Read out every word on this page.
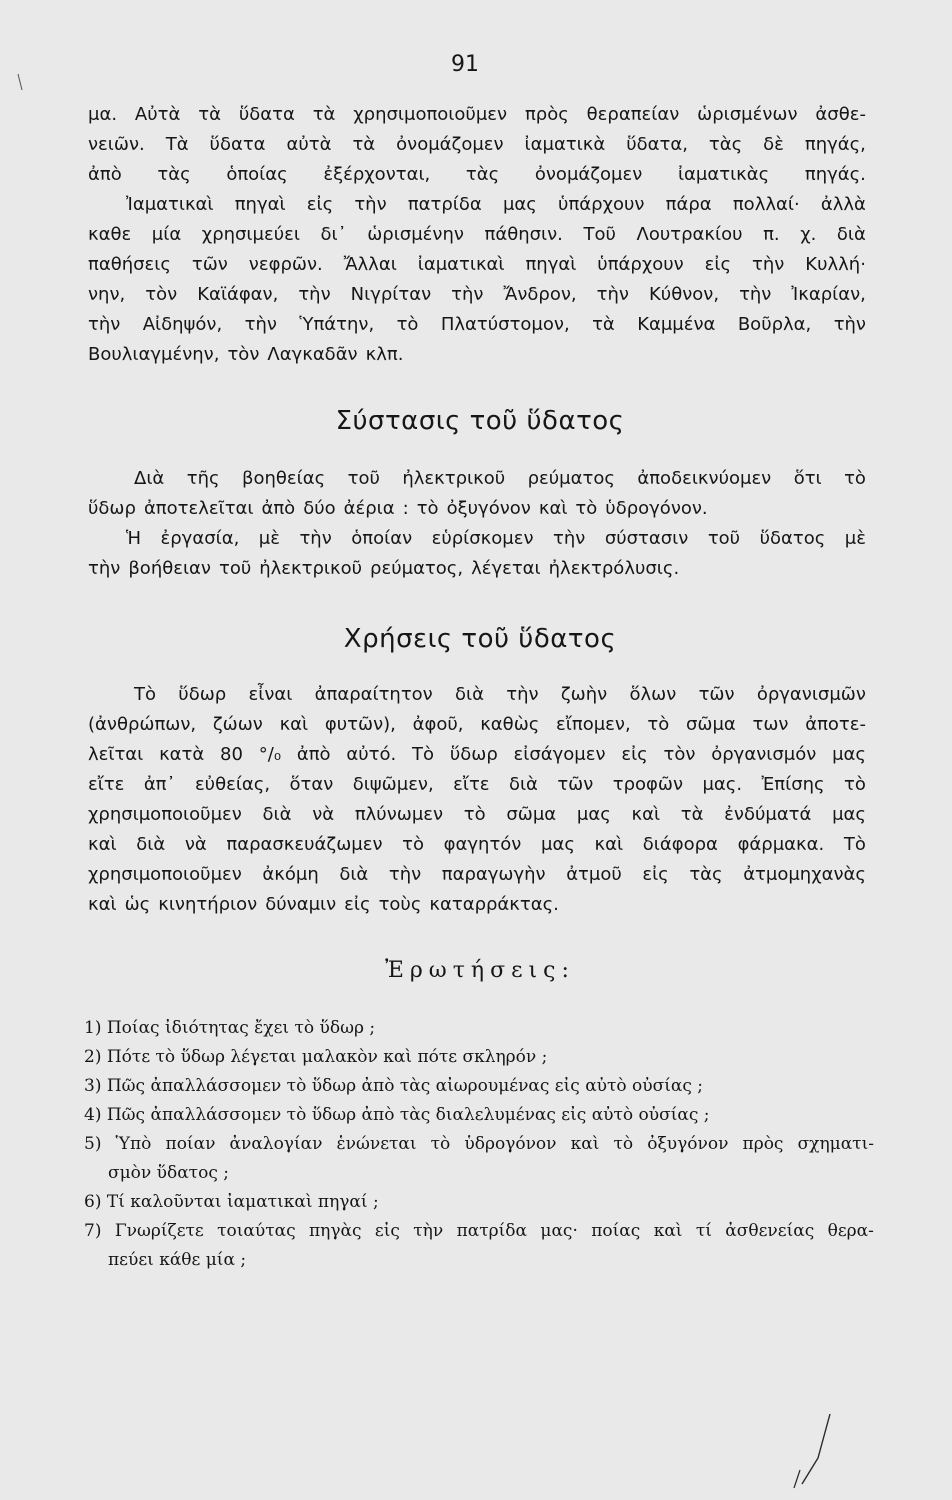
91
μα. Αὐτὰ τὰ ὕδατα τὰ χρησιμοποιοῦμεν πρὸς θεραπείαν ὡρισμένων ἀσθε-
νειῶν. Τὰ ὕδατα αὐτὰ τὰ ὀνομάζομεν ἰαματικὰ ὕδατα, τὰς δὲ πηγάς,
ἀπὸ τὰς ὁποίας ἐξέρχονται, τὰς ὀνομάζομεν ἰαματικὰς πηγάς.
Ἰαματικαὶ πηγαὶ εἰς τὴν πατρίδα μας ὑπάρχουν πάρα πολλαί· ἀλλὰ
καθε μία χρησιμεύει δι᾽ ὡρισμένην πάθησιν. Τοῦ Λουτρακίου π. χ. διὰ
παθήσεις τῶν νεφρῶν. Ἄλλαι ἰαματικαὶ πηγαὶ ὑπάρχουν εἰς τὴν Κυλλή·
νην, τὸν Καϊάφαν, τὴν Νιγρίταν τὴν Ἄνδρον, τὴν Κύθνον, τὴν Ἰκαρίαν,
τὴν Αἰδηψόν, τὴν Ὑπάτην, τὸ Πλατύστομον, τὰ Καμμένα Βοῦρλα, τὴν
Βουλιαγμένην, τὸν Λαγκαδᾶν κλπ.
Σύστασις τοῦ ὕδατος
Διὰ τῆς βοηθείας τοῦ ἠλεκτρικοῦ ρεύματος ἀποδεικνύομεν ὅτι τὸ
ὕδωρ ἀποτελεῖται ἀπὸ δύο ἀέρια : τὸ ὀξυγόνον καὶ τὸ ὑδρογόνον.
Ἡ ἐργασία, μὲ τὴν ὁποίαν εὑρίσκομεν τὴν σύστασιν τοῦ ὕδατος μὲ
τὴν βοήθειαν τοῦ ἠλεκτρικοῦ ρεύματος, λέγεται ἠλεκτρόλυσις.
Χρήσεις τοῦ ὕδατος
Τὸ ὕδωρ εἶναι ἀπαραίτητον διὰ τὴν ζωὴν ὅλων τῶν ὀργανισμῶν
(ἀνθρώπων, ζώων καὶ φυτῶν), ἀφοῦ, καθὼς εἴπομεν, τὸ σῶμα των ἀποτε-
λεῖται κατὰ 80 °/₀ ἀπὸ αὐτό. Τὸ ὕδωρ εἰσάγομεν εἰς τὸν ὀργανισμόν μας
εἴτε ἀπ᾽ εὐθείας, ὅταν διψῶμεν, εἴτε διὰ τῶν τροφῶν μας. Ἐπίσης τὸ
χρησιμοποιοῦμεν διὰ νὰ πλύνωμεν τὸ σῶμα μας καὶ τὰ ἐνδύματά μας
καὶ διὰ νὰ παρασκευάζωμεν τὸ φαγητόν μας καὶ διάφορα φάρμακα. Τὸ
χρησιμοποιοῦμεν ἀκόμη διὰ τὴν παραγωγὴν ἀτμοῦ εἰς τὰς ἀτμομηχανὰς
καὶ ὡς κινητήριον δύναμιν εἰς τοὺς καταρράκτας.
Ἐρωτήσεις:
1) Ποίας ἰδιότητας ἔχει τὸ ὕδωρ ;
2) Πότε τὸ ὕδωρ λέγεται μαλακὸν καὶ πότε σκληρόν ;
3) Πῶς ἀπαλλάσσομεν τὸ ὕδωρ ἀπὸ τὰς αἰωρουμένας εἰς αὐτὸ οὐσίας ;
4) Πῶς ἀπαλλάσσομεν τὸ ὕδωρ ἀπὸ τὰς διαλελυμένας εἰς αὐτὸ οὐσίας ;
5) Ὑπὸ ποίαν ἀναλογίαν ἑνώνεται τὸ ὑδρογόνον καὶ τὸ ὀξυγόνον πρὸς σχηματι-
σμὸν ὕδατος ;
6) Τί καλοῦνται ἰαματικαὶ πηγαί ;
7) Γνωρίζετε τοιαύτας πηγὰς εἰς τὴν πατρίδα μας· ποίας καὶ τί ἀσθενείας θερα-
πεύει κάθε μία ;
